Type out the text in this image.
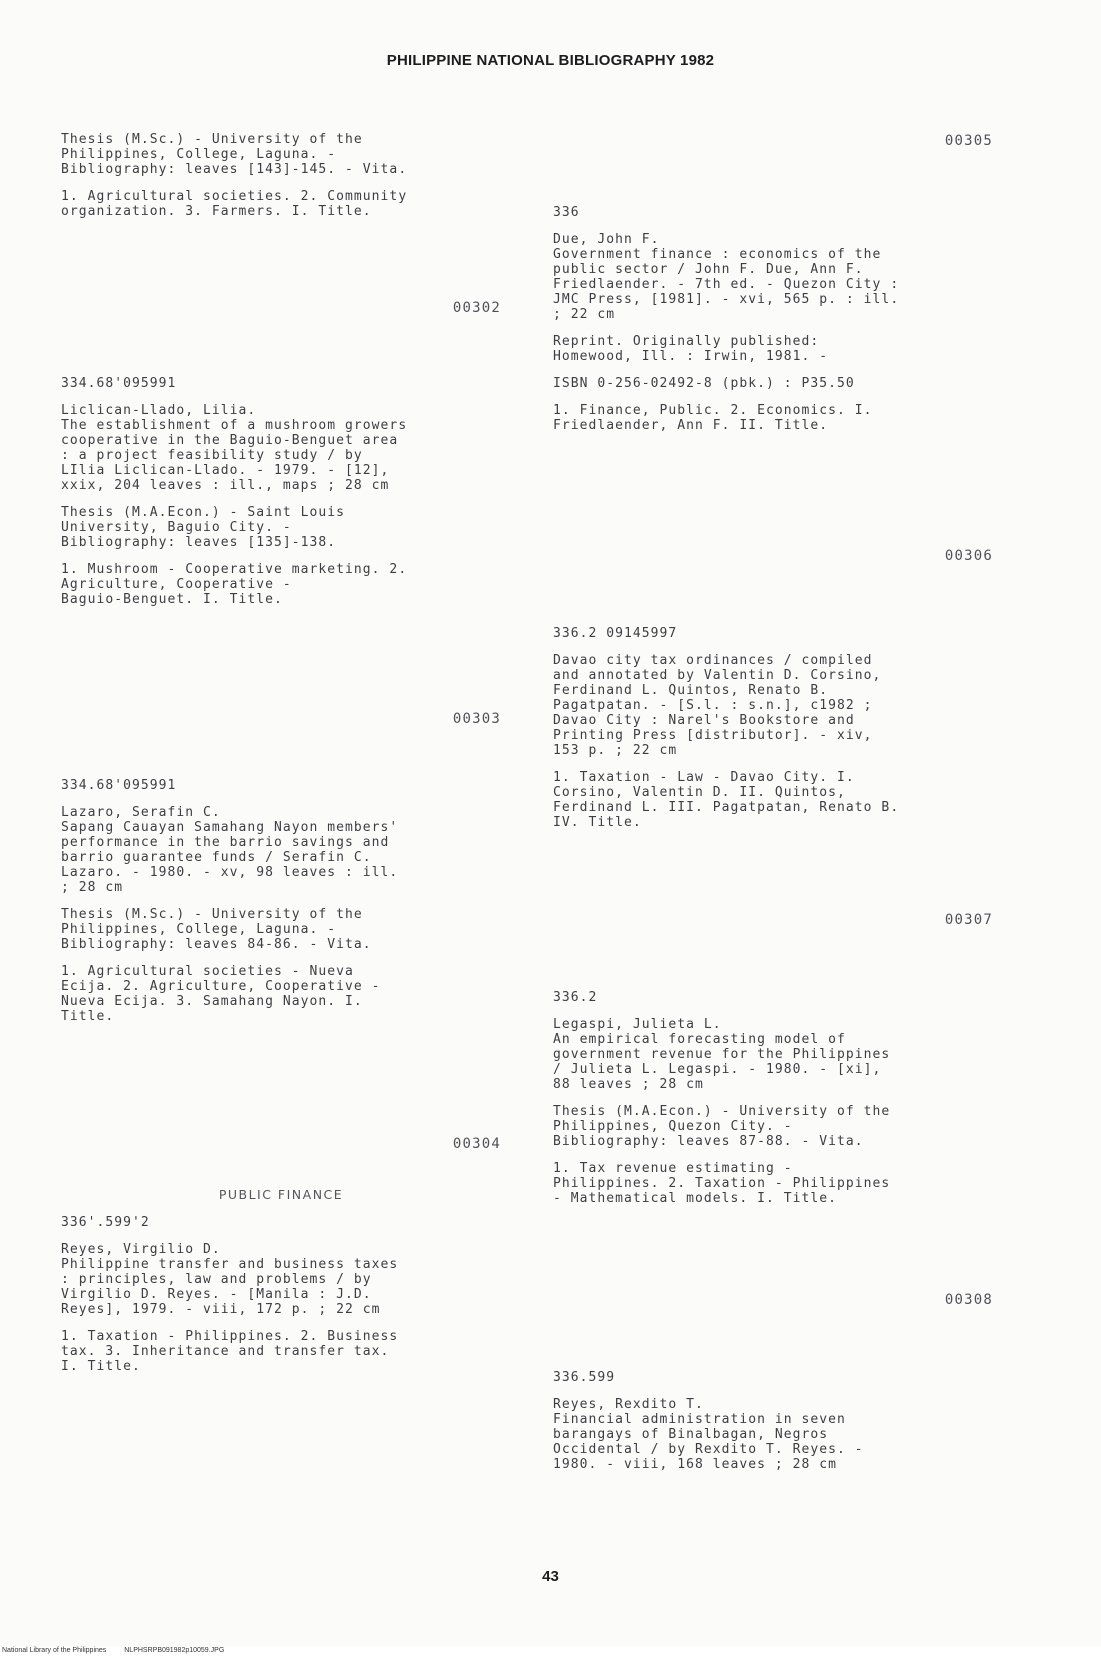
PHILIPPINE NATIONAL BIBLIOGRAPHY 1982

Thesis (M.Sc.) - University of the
Philippines, College, Laguna. -
Bibliography: leaves [143]-145. - Vita.

1. Agricultural societies. 2. Community
organization. 3. Farmers. I. Title.

00302

334.68'095991

Liclican-Llado, Lilia.
The establishment of a mushroom growers
cooperative in the Baguio-Benguet area
: a project feasibility study / by
LIlia Liclican-Llado. - 1979. - [12],
xxix, 204 leaves : ill., maps ; 28 cm

Thesis (M.A.Econ.) - Saint Louis
University, Baguio City. -
Bibliography: leaves [135]-138.

1. Mushroom - Cooperative marketing. 2.
Agriculture, Cooperative -
Baguio-Benguet. I. Title.

00303

334.68'095991

Lazaro, Serafin C.
Sapang Cauayan Samahang Nayon members'
performance in the barrio savings and
barrio guarantee funds / Serafin C.
Lazaro. - 1980. - xv, 98 leaves : ill.
; 28 cm

Thesis (M.Sc.) - University of the
Philippines, College, Laguna. -
Bibliography: leaves 84-86. - Vita.

1. Agricultural societies - Nueva
Ecija. 2. Agriculture, Cooperative -
Nueva Ecija. 3. Samahang Nayon. I.
Title.

00304

PUBLIC FINANCE

336'.599'2

Reyes, Virgilio D.
Philippine transfer and business taxes
: principles, law and problems / by
Virgilio D. Reyes. - [Manila : J.D.
Reyes], 1979. - viii, 172 p. ; 22 cm

1. Taxation - Philippines. 2. Business
tax. 3. Inheritance and transfer tax.
I. Title.

00305

336

Due, John F.
Government finance : economics of the
public sector / John F. Due, Ann F.
Friedlaender. - 7th ed. - Quezon City :
JMC Press, [1981]. - xvi, 565 p. : ill.
; 22 cm

Reprint. Originally published:
Homewood, Ill. : Irwin, 1981. -

ISBN 0-256-02492-8 (pbk.) : P35.50

1. Finance, Public. 2. Economics. I.
Friedlaender, Ann F. II. Title.

00306

336.2 09145997

Davao city tax ordinances / compiled
and annotated by Valentin D. Corsino,
Ferdinand L. Quintos, Renato B.
Pagatpatan. - [S.l. : s.n.], c1982 ;
Davao City : Narel's Bookstore and
Printing Press [distributor]. - xiv,
153 p. ; 22 cm

1. Taxation - Law - Davao City. I.
Corsino, Valentin D. II. Quintos,
Ferdinand L. III. Pagatpatan, Renato B.
IV. Title.

00307

336.2

Legaspi, Julieta L.
An empirical forecasting model of
government revenue for the Philippines
/ Julieta L. Legaspi. - 1980. - [xi],
88 leaves ; 28 cm

Thesis (M.A.Econ.) - University of the
Philippines, Quezon City. -
Bibliography: leaves 87-88. - Vita.

1. Tax revenue estimating -
Philippines. 2. Taxation - Philippines
- Mathematical models. I. Title.

00308

336.599

Reyes, Rexdito T.
Financial administration in seven
barangays of Binalbagan, Negros
Occidental / by Rexdito T. Reyes. -
1980. - viii, 168 leaves ; 28 cm

43
National Library of the Philippines	NLPHSRPB091982p10059.JPG
